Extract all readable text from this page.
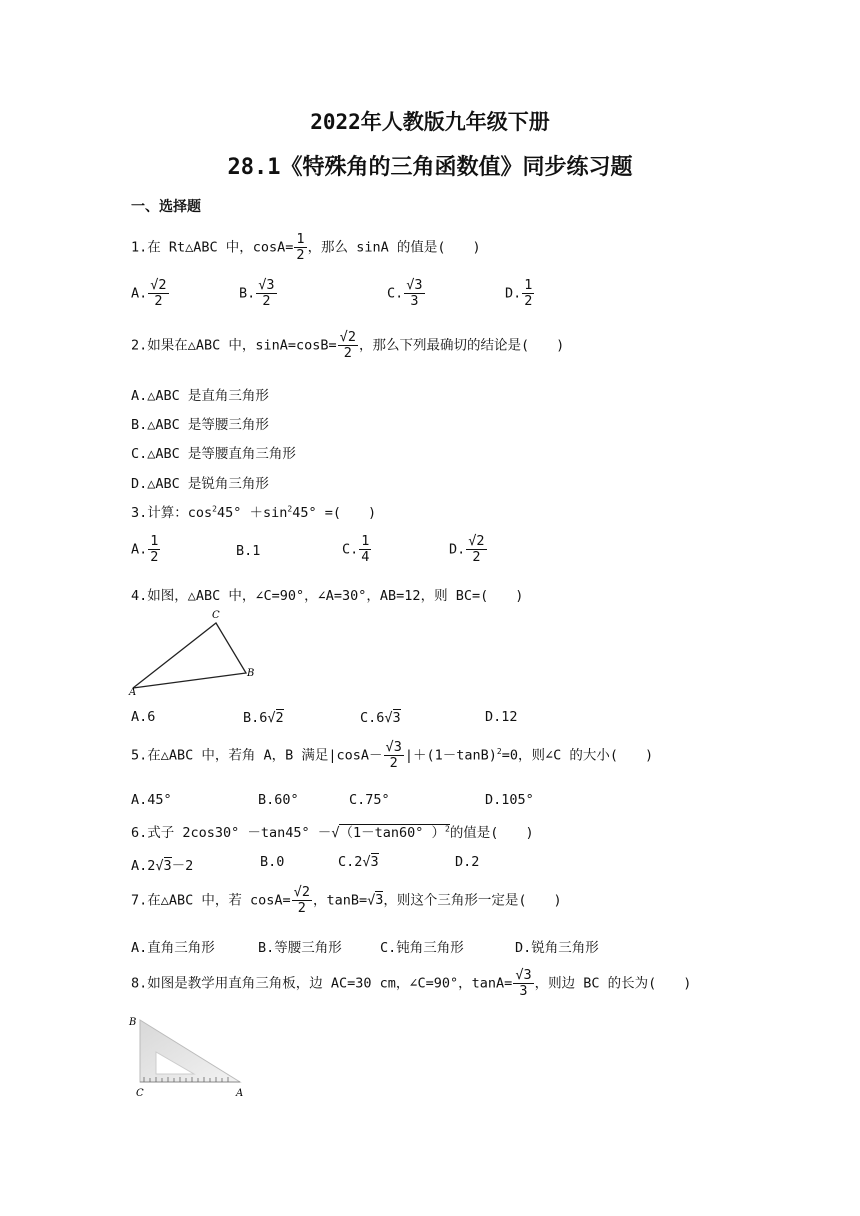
2022年人教版九年级下册
28.1《特殊角的三角函数值》同步练习题
一、选择题
1.在 Rt△ABC 中，$\cos A= \frac{1}{2}$ ，那么 sinA 的值是(　　)
A. $\frac{√2}{2}$	B. $\frac{√3}{2}$	C. $\frac{√3}{3}$	D. $\frac{1}{2}$
2.如果在△ABC 中，$\sin A=\cos B= \frac{√2}{2}$ ，那么下列最确切的结论是(　　)
A.△ABC 是直角三角形
B.△ABC 是等腰三角形
C.△ABC 是等腰直角三角形
D.△ABC 是锐角三角形
3.计算：$\cos^245^\circ +\sin^245^\circ$ =(　　)
A. $\frac{1}{2}$	B.1	C. $\frac{1}{4}$	D. $\frac{√2}{2}$
4.如图，△ABC 中，∠C=90°，∠A=30°，AB=12，则 BC=(　　)
C
B
A
A.6	B.6√2	C.6√3	D.12
5.在△ABC 中，若角 A，B 满足$|\cos A- \frac{√3}{2} |+(1-\tan B)^2=0$，则∠C 的大小(　　)
A.45°	B.60°	C.75°	D.105°
6.式子 2cos30° －tan45° －√（1－tan60° ）$^2$的值是(　　)
A.2√3－2	B.0	C.2√3	D.2
7.在△ABC 中，若 $\cos A= \frac{√2}{2}$ ，tanB=√3，则这个三角形一定是(　　)
A.直角三角形	B.等腰三角形	C.钝角三角形	D.锐角三角形
8.如图是教学用直角三角板，边 AC=30 cm，∠C=90°，$\tan A= \frac{√3}{3}$ ，则边 BC 的长为(　　)
B
C	A
